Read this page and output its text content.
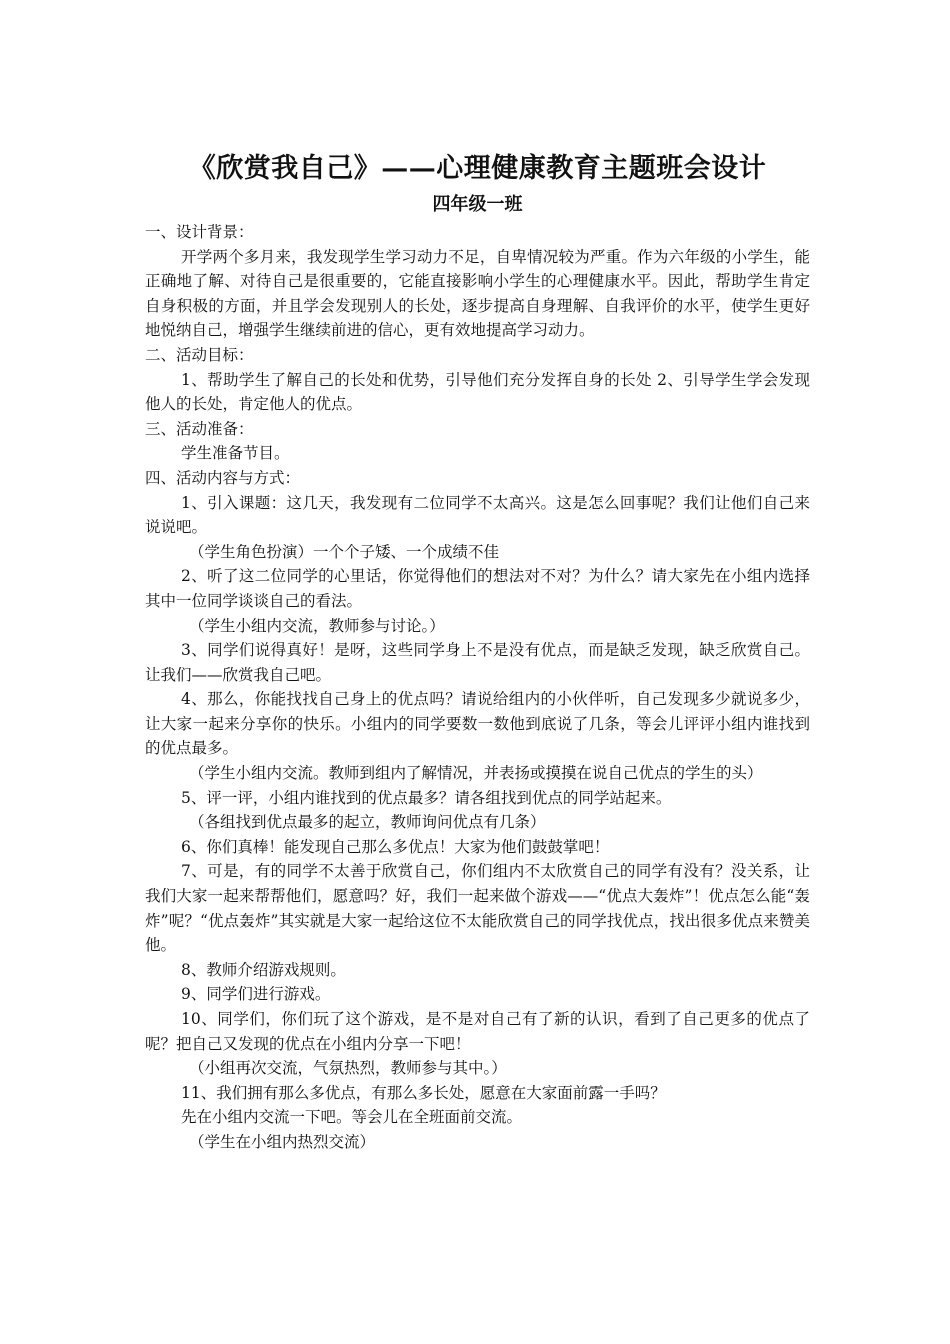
《欣赏我自己》——心理健康教育主题班会设计
四年级一班

一、设计背景：

开学两个多月来，我发现学生学习动力不足，自卑情况较为严重。作为六年级的小学生，能正确地了解、对待自己是很重要的，它能直接影响小学生的心理健康水平。因此，帮助学生肯定自身积极的方面，并且学会发现别人的长处，逐步提高自身理解、自我评价的水平，使学生更好地悦纳自己，增强学生继续前进的信心，更有效地提高学习动力。

二、活动目标：

1、帮助学生了解自己的长处和优势，引导他们充分发挥自身的长处 2、引导学生学会发现他人的长处，肯定他人的优点。

三、活动准备：

学生准备节目。

四、活动内容与方式：

1、引入课题：这几天，我发现有二位同学不太高兴。这是怎么回事呢？我们让他们自己来说说吧。

（学生角色扮演）一个个子矮、一个成绩不佳

2、听了这二位同学的心里话，你觉得他们的想法对不对？为什么？请大家先在小组内选择其中一位同学谈谈自己的看法。

（学生小组内交流，教师参与讨论。）

3、同学们说得真好！是呀，这些同学身上不是没有优点，而是缺乏发现，缺乏欣赏自己。让我们——欣赏我自己吧。

4、那么，你能找找自己身上的优点吗？请说给组内的小伙伴听，自己发现多少就说多少，让大家一起来分享你的快乐。小组内的同学要数一数他到底说了几条，等会儿评评小组内谁找到的优点最多。

（学生小组内交流。教师到组内了解情况，并表扬或摸摸在说自己优点的学生的头）

5、评一评，小组内谁找到的优点最多？请各组找到优点的同学站起来。

（各组找到优点最多的起立，教师询问优点有几条）

6、你们真棒！能发现自己那么多优点！大家为他们鼓鼓掌吧！

7、可是，有的同学不太善于欣赏自己，你们组内不太欣赏自己的同学有没有？没关系，让我们大家一起来帮帮他们，愿意吗？好，我们一起来做个游戏——“优点大轰炸”！优点怎么能“轰炸”呢？“优点轰炸”其实就是大家一起给这位不太能欣赏自己的同学找优点，找出很多优点来赞美他。

8、教师介绍游戏规则。

9、同学们进行游戏。

10、同学们，你们玩了这个游戏，是不是对自己有了新的认识，看到了自己更多的优点了呢？把自己又发现的优点在小组内分享一下吧！

（小组再次交流，气氛热烈，教师参与其中。）

11、我们拥有那么多优点，有那么多长处，愿意在大家面前露一手吗？

先在小组内交流一下吧。等会儿在全班面前交流。

（学生在小组内热烈交流）
